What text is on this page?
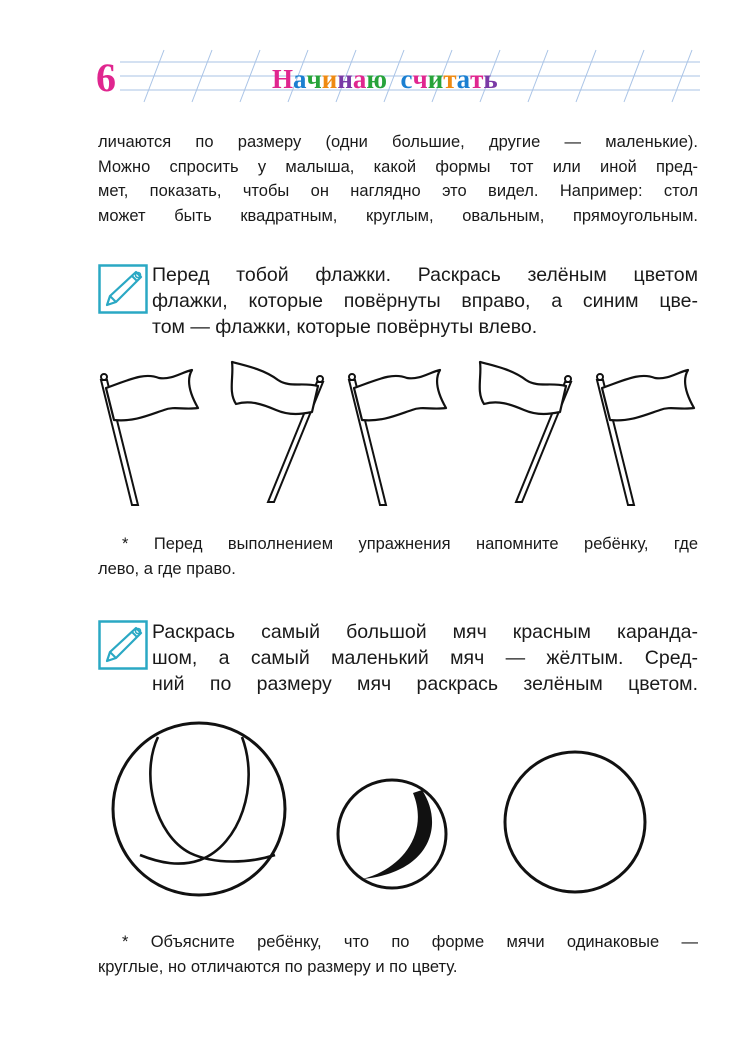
6	Начинаю считать

личаются по размеру (одни большие, другие — маленькие).

Можно спросить у малыша, какой формы тот или иной пред-

мет, показать, чтобы он наглядно это видел. Например: стол

может быть квадратным, круглым, овальным, прямоугольным.

Перед тобой флажки. Раскрась зелёным цветом

флажки, которые повёрнуты вправо, а синим цве-

том — флажки, которые повёрнуты влево.

* Перед выполнением упражнения напомните ребёнку, где

лево, а где право.

Раскрась самый большой мяч красным каранда-

шом, а самый маленький мяч — жёлтым. Сред-

ний по размеру мяч раскрась зелёным цветом.

* Объясните ребёнку, что по форме мячи одинаковые —

круглые, но отличаются по размеру и по цвету.
